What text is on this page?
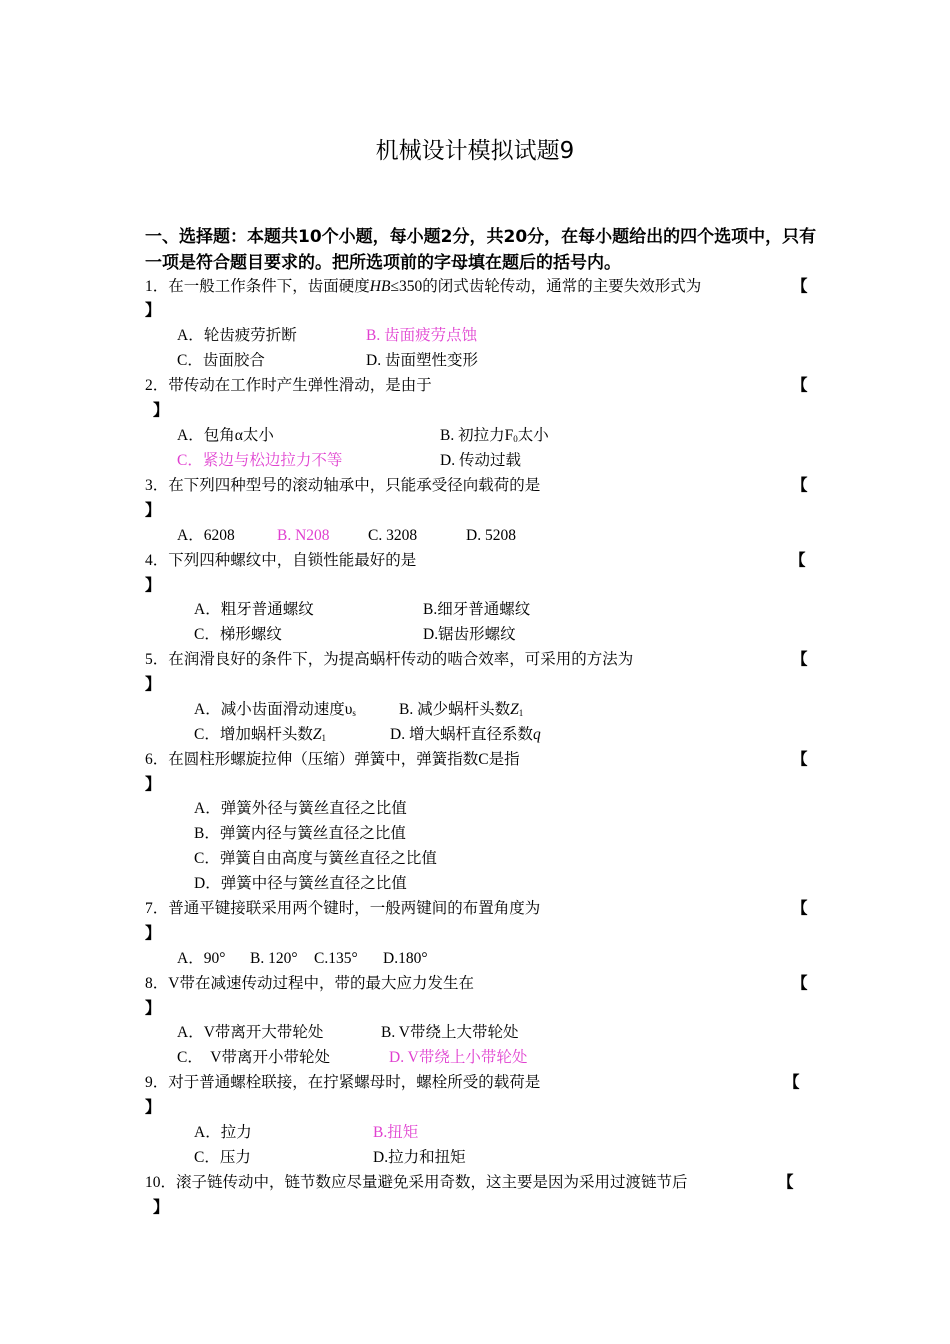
机械设计模拟试题9
一、选择题：本题共10个小题，每小题2分，共20分，在每小题给出的四个选项中，只有一项是符合题目要求的。把所选项前的字母填在题后的括号内。
1．在一般工作条件下，齿面硬度HB≤350的闭式齿轮传动，通常的主要失效形式为	【
】
A．轮齿疲劳折断	B. 齿面疲劳点蚀
C．齿面胶合	D. 齿面塑性变形
2．带传动在工作时产生弹性滑动，是由于	【
】
A．包角α太小	B. 初拉力$F_0$太小
C．紧边与松边拉力不等	D. 传动过载
3．在下列四种型号的滚动轴承中，只能承受径向载荷的是	【
】
A．6208	B. N208 C. 3208	D. 5208
4．下列四种螺纹中，自锁性能最好的是	【
】
A．粗牙普通螺纹	B.细牙普通螺纹
C．梯形螺纹	D.锯齿形螺纹
5．在润滑良好的条件下，为提高蜗杆传动的啮合效率，可采用的方法为	【
】
A．减小齿面滑动速度$\upsilon_s$	B. 减少蜗杆头数$Z_1$
C．增加蜗杆头数$Z_1$	D. 增大蜗杆直径系数q
6．在圆柱形螺旋拉伸（压缩）弹簧中，弹簧指数C是指	【
】
A．弹簧外径与簧丝直径之比值
B．弹簧内径与簧丝直径之比值
C．弹簧自由高度与簧丝直径之比值
D．弹簧中径与簧丝直径之比值
7．普通平键接联采用两个键时，一般两键间的布置角度为	【
】
A．90° B. 120° C.135° D.180°
8．V带在减速传动过程中，带的最大应力发生在	【
】
A．V带离开大带轮处	B. V带绕上大带轮处
C．  V带离开小带轮处	D. V带绕上小带轮处
9．对于普通螺栓联接，在拧紧螺母时，螺栓所受的载荷是	【
】
A．拉力	B.扭矩
C．压力	D.拉力和扭矩
10．滚子链传动中，链节数应尽量避免采用奇数，这主要是因为采用过渡链节后	【
】
